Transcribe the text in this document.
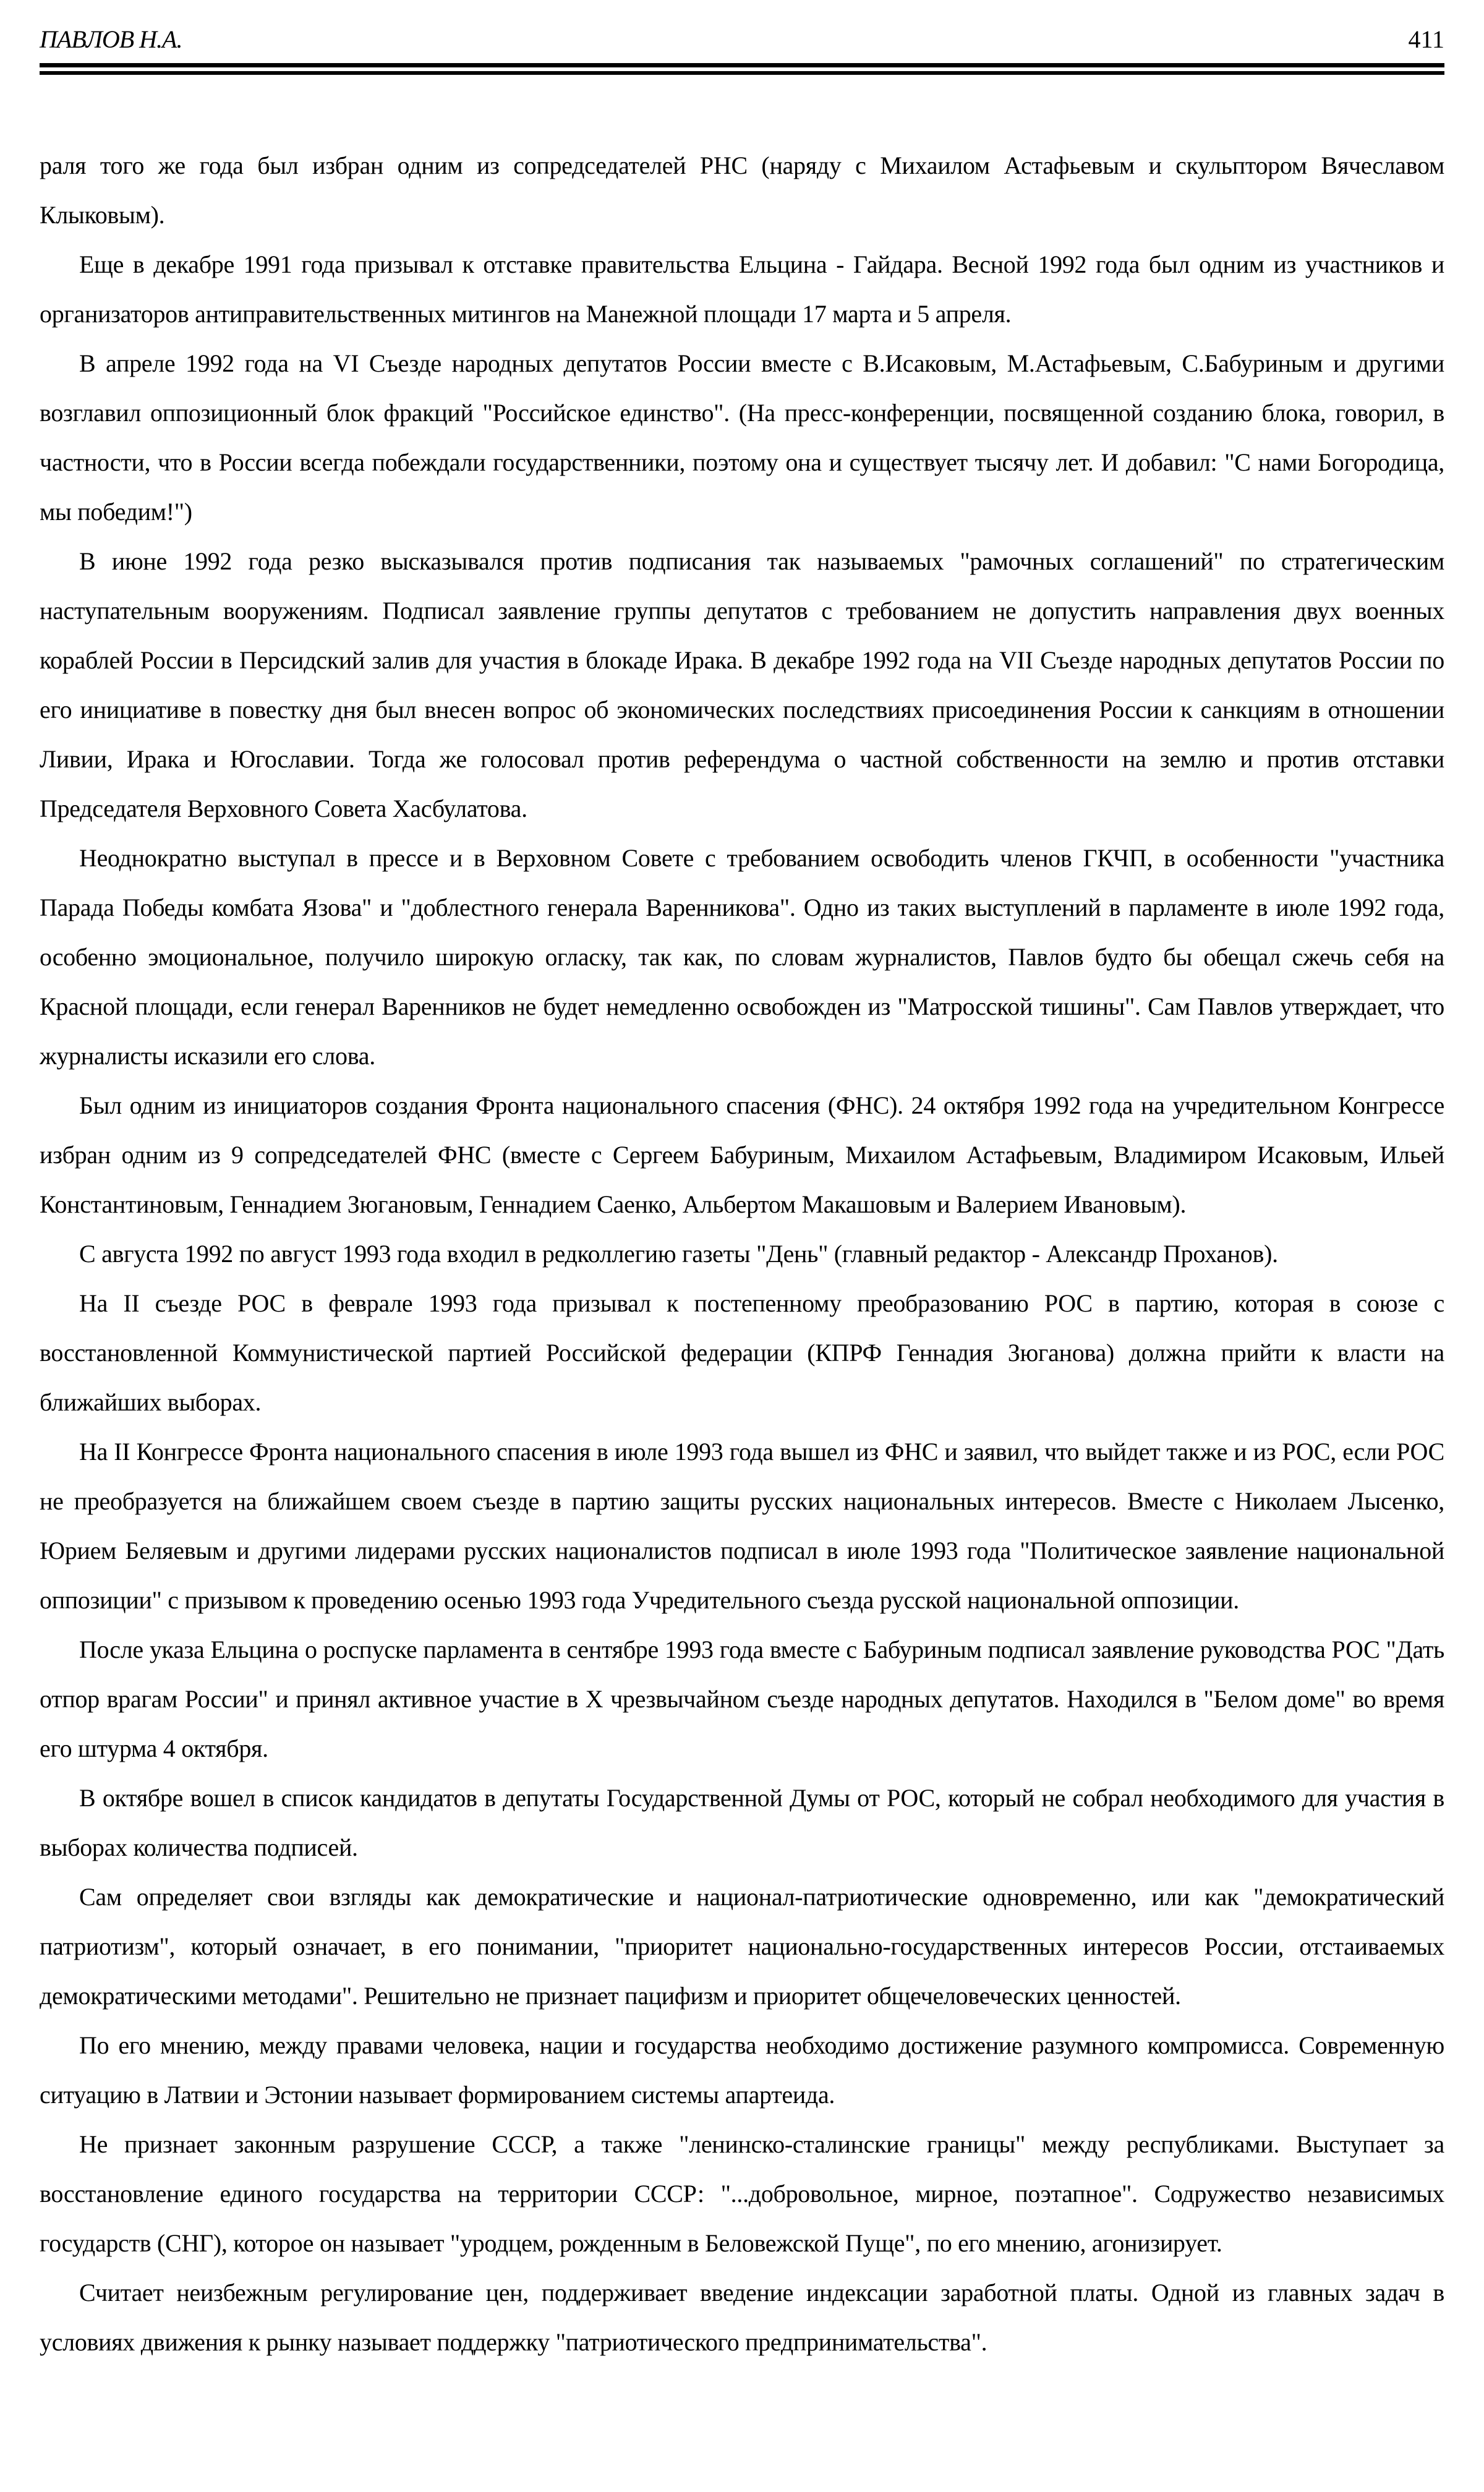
ПАВЛОВ Н.А.	411

раля того же года был избран одним из сопредседателей РНС (наряду с Михаилом Астафьевым и скульптором Вячеславом Клыковым).

Еще в декабре 1991 года призывал к отставке правительства Ельцина - Гайдара. Весной 1992 года был одним из участников и организаторов антиправительственных митингов на Манежной площади 17 марта и 5 апреля.

В апреле 1992 года на VI Съезде народных депутатов России вместе с В.Исаковым, М.Астафьевым, С.Бабуриным и другими возглавил оппозиционный блок фракций "Российское единство". (На пресс-конференции, посвященной созданию блока, говорил, в частности, что в России всегда побеждали государственники, поэтому она и существует тысячу лет. И добавил: "С нами Богородица, мы победим!")

В июне 1992 года резко высказывался против подписания так называемых "рамочных соглашений" по стратегическим наступательным вооружениям. Подписал заявление группы депутатов с требованием не допустить направления двух военных кораблей России в Персидский залив для участия в блокаде Ирака. В декабре 1992 года на VII Съезде народных депутатов России по его инициативе в повестку дня был внесен вопрос об экономических последствиях присоединения России к санкциям в отношении Ливии, Ирака и Югославии. Тогда же голосовал против референдума о частной собственности на землю и против отставки Председателя Верховного Совета Хасбулатова.

Неоднократно выступал в прессе и в Верховном Совете с требованием освободить членов ГКЧП, в особенности "участника Парада Победы комбата Язова" и "доблестного генерала Варенникова". Одно из таких выступлений в парламенте в июле 1992 года, особенно эмоциональное, получило широкую огласку, так как, по словам журналистов, Павлов будто бы обещал сжечь себя на Красной площади, если генерал Варенников не будет немедленно освобожден из "Матросской тишины". Сам Павлов утверждает, что журналисты исказили его слова.

Был одним из инициаторов создания Фронта национального спасения (ФНС). 24 октября 1992 года на учредительном Конгрессе избран одним из 9 сопредседателей ФНС (вместе с Сергеем Бабуриным, Михаилом Астафьевым, Владимиром Исаковым, Ильей Константиновым, Геннадием Зюгановым, Геннадием Саенко, Альбертом Макашовым и Валерием Ивановым).

С августа 1992 по август 1993 года входил в редколлегию газеты "День" (главный редактор - Александр Проханов).

На II съезде РОС в феврале 1993 года призывал к постепенному преобразованию РОС в партию, которая в союзе с восстановленной Коммунистической партией Российской федерации (КПРФ Геннадия Зюганова) должна прийти к власти на ближайших выборах.

На II Конгрессе Фронта национального спасения в июле 1993 года вышел из ФНС и заявил, что выйдет также и из РОС, если РОС не преобразуется на ближайшем своем съезде в партию защиты русских национальных интересов. Вместе с Николаем Лысенко, Юрием Беляевым и другими лидерами русских националистов подписал в июле 1993 года "Политическое заявление национальной оппозиции" с призывом к проведению осенью 1993 года Учредительного съезда русской национальной оппозиции.

После указа Ельцина о роспуске парламента в сентябре 1993 года вместе с Бабуриным подписал заявление руководства РОС "Дать отпор врагам России" и принял активное участие в X чрезвычайном съезде народных депутатов. Находился в "Белом доме" во время его штурма 4 октября.

В октябре вошел в список кандидатов в депутаты Государственной Думы от РОС, который не собрал необходимого для участия в выборах количества подписей.

Сам определяет свои взгляды как демократические и национал-патриотические одновременно, или как "демократический патриотизм", который означает, в его понимании, "приоритет национально-государственных интересов России, отстаиваемых демократическими методами". Решительно не признает пацифизм и приоритет общечеловеческих ценностей.

По его мнению, между правами человека, нации и государства необходимо достижение разумного компромисса. Современную ситуацию в Латвии и Эстонии называет формированием системы апартеида.

Не признает законным разрушение СССР, а также "ленинско-сталинские границы" между республиками. Выступает за восстановление единого государства на территории СССР: "...добровольное, мирное, поэтапное". Содружество независимых государств (СНГ), которое он называет "уродцем, рожденным в Беловежской Пуще", по его мнению, агонизирует.

Считает неизбежным регулирование цен, поддерживает введение индексации заработной платы. Одной из главных задач в условиях движения к рынку называет поддержку "патриотического предпринимательства".
